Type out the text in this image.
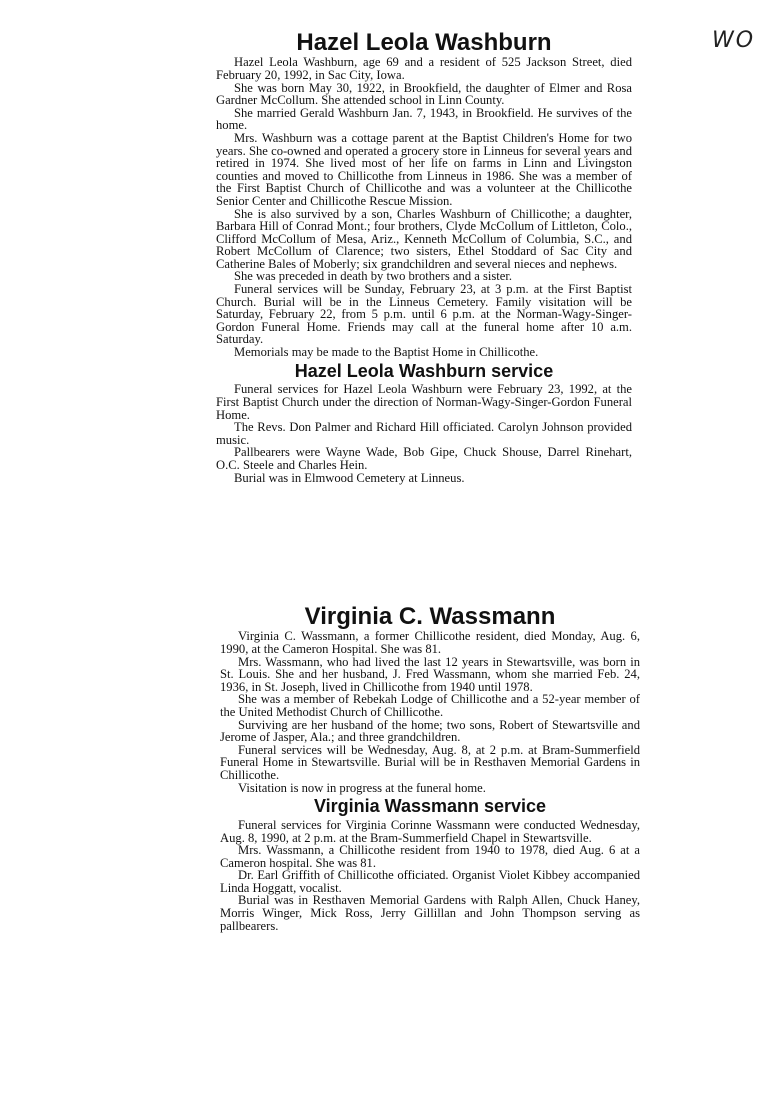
WO
Hazel Leola Washburn

Hazel Leola Washburn, age 69 and a resident of 525 Jackson Street, died February 20, 1992, in Sac City, Iowa.

She was born May 30, 1922, in Brookfield, the daughter of Elmer and Rosa Gardner McCollum. She attended school in Linn County.

She married Gerald Washburn Jan. 7, 1943, in Brookfield. He survives of the home.

Mrs. Washburn was a cottage parent at the Baptist Children's Home for two years. She co-owned and operated a grocery store in Linneus for several years and retired in 1974. She lived most of her life on farms in Linn and Livingston counties and moved to Chillicothe from Linneus in 1986. She was a member of the First Baptist Church of Chillicothe and was a volunteer at the Chillicothe Senior Center and Chillicothe Rescue Mission.

She is also survived by a son, Charles Washburn of Chillicothe; a daughter, Barbara Hill of Conrad Mont.; four brothers, Clyde McCollum of Littleton, Colo., Clifford McCollum of Mesa, Ariz., Kenneth McCollum of Columbia, S.C., and Robert McCollum of Clarence; two sisters, Ethel Stoddard of Sac City and Catherine Bales of Moberly; six grandchildren and several nieces and nephews.

She was preceded in death by two brothers and a sister.

Funeral services will be Sunday, February 23, at 3 p.m. at the First Baptist Church. Burial will be in the Linneus Cemetery. Family visitation will be Saturday, February 22, from 5 p.m. until 6 p.m. at the Norman-Wagy-Singer-Gordon Funeral Home. Friends may call at the funeral home after 10 a.m. Saturday.

Memorials may be made to the Baptist Home in Chillicothe.

Hazel Leola Washburn service

Funeral services for Hazel Leola Washburn were February 23, 1992, at the First Baptist Church under the direction of Norman-Wagy-Singer-Gordon Funeral Home.

The Revs. Don Palmer and Richard Hill officiated. Carolyn Johnson provided music.

Pallbearers were Wayne Wade, Bob Gipe, Chuck Shouse, Darrel Rinehart, O.C. Steele and Charles Hein.

Burial was in Elmwood Cemetery at Linneus.

Virginia C. Wassmann

Virginia C. Wassmann, a former Chillicothe resident, died Monday, Aug. 6, 1990, at the Cameron Hospital. She was 81.

Mrs. Wassmann, who had lived the last 12 years in Stewartsville, was born in St. Louis. She and her husband, J. Fred Wassmann, whom she married Feb. 24, 1936, in St. Joseph, lived in Chillicothe from 1940 until 1978.

She was a member of Rebekah Lodge of Chillicothe and a 52-year member of the United Methodist Church of Chillicothe.

Surviving are her husband of the home; two sons, Robert of Stewartsville and Jerome of Jasper, Ala.; and three grandchildren.

Funeral services will be Wednesday, Aug. 8, at 2 p.m. at Bram-Summerfield Funeral Home in Stewartsville. Burial will be in Resthaven Memorial Gardens in Chillicothe.

Visitation is now in progress at the funeral home.

Virginia Wassmann service

Funeral services for Virginia Corinne Wassmann were conducted Wednesday, Aug. 8, 1990, at 2 p.m. at the Bram-Summerfield Chapel in Stewartsville.

Mrs. Wassmann, a Chillicothe resident from 1940 to 1978, died Aug. 6 at a Cameron hospital. She was 81.

Dr. Earl Griffith of Chillicothe officiated. Organist Violet Kibbey accompanied Linda Hoggatt, vocalist.

Burial was in Resthaven Memorial Gardens with Ralph Allen, Chuck Haney, Morris Winger, Mick Ross, Jerry Gillillan and John Thompson serving as pallbearers.
